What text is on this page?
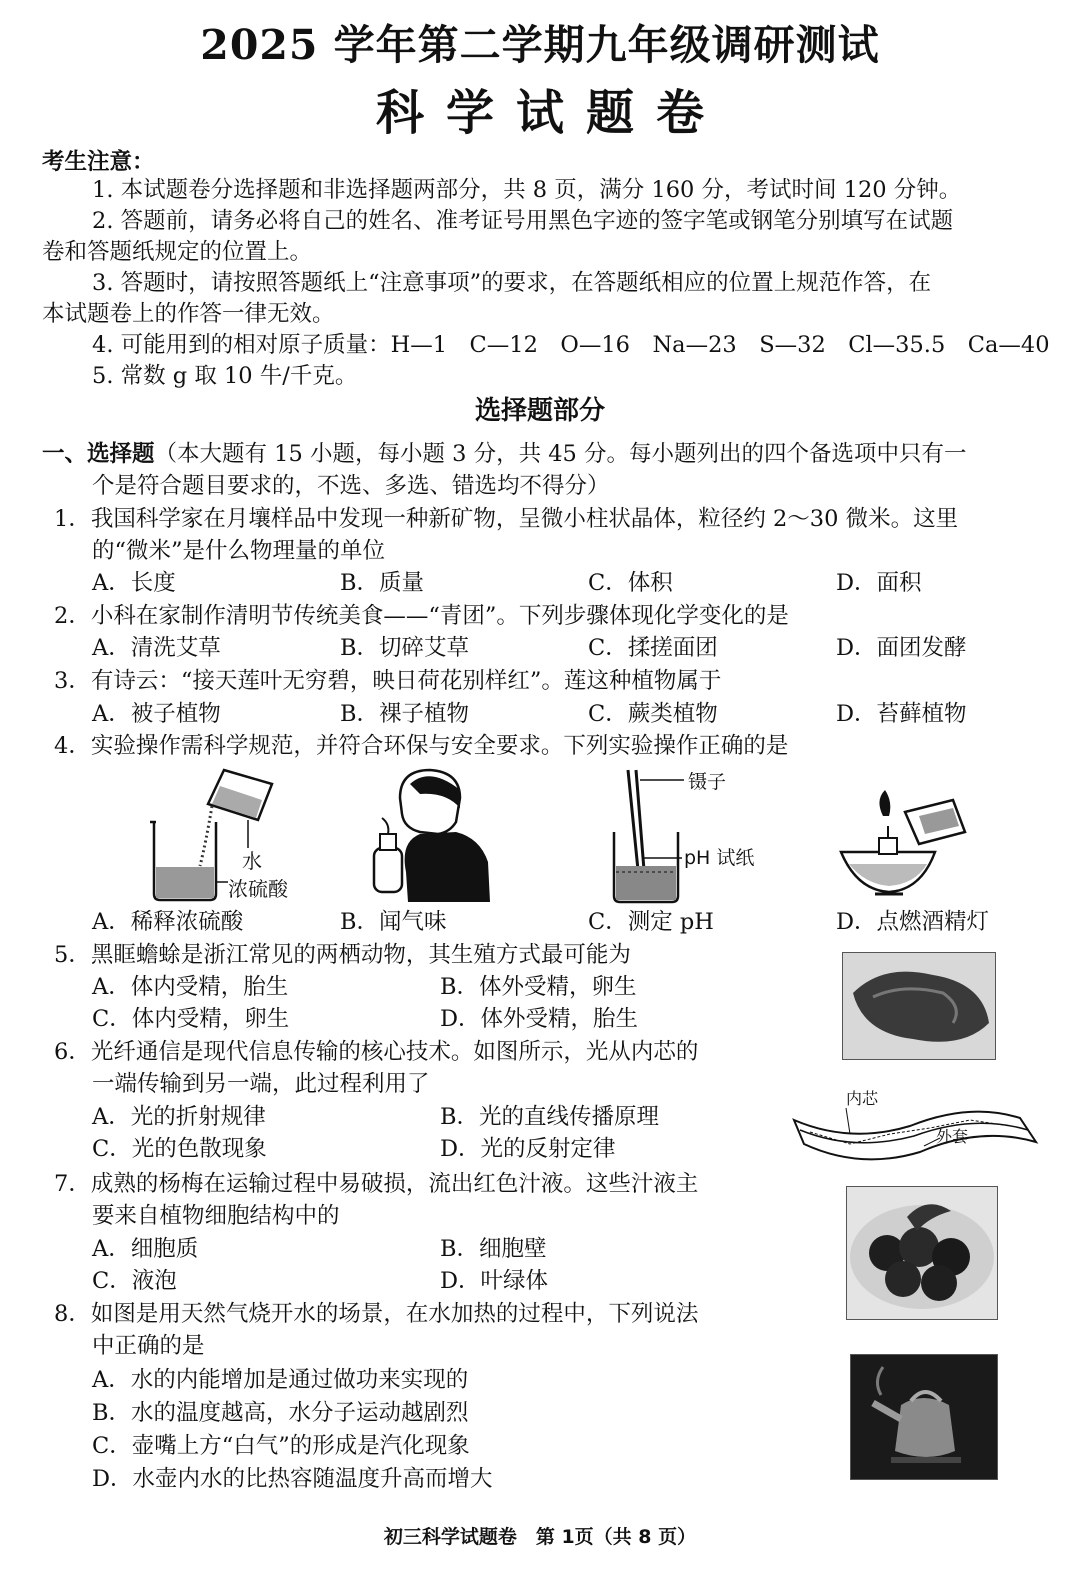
2025 学年第二学期九年级调研测试
科学试题卷
考生注意：
1. 本试题卷分选择题和非选择题两部分，共 8 页，满分 160 分，考试时间 120 分钟。
2. 答题前，请务必将自己的姓名、准考证号用黑色字迹的签字笔或钢笔分别填写在试题
卷和答题纸规定的位置上。
3. 答题时，请按照答题纸上“注意事项”的要求，在答题纸相应的位置上规范作答，在
本试题卷上的作答一律无效。
4. 可能用到的相对原子质量：H—1　C—12　O—16　Na—23　S—32　Cl—35.5　Ca—40
5. 常数 g 取 10 牛/千克。
选择题部分
一、选择题（本大题有 15 小题，每小题 3 分，共 45 分。每小题列出的四个备选项中只有一
个是符合题目要求的，不选、多选、错选均不得分）
1．我国科学家在月壤样品中发现一种新矿物，呈微小柱状晶体，粒径约 2～30 微米。这里
的“微米”是什么物理量的单位
A．长度	B．质量	C．体积	D．面积
2．小科在家制作清明节传统美食——“青团”。下列步骤体现化学变化的是
A．清洗艾草	B．切碎艾草	C．揉搓面团	D．面团发酵
3．有诗云：“接天莲叶无穷碧，映日荷花别样红”。莲这种植物属于
A．被子植物	B．裸子植物	C．蕨类植物	D．苔藓植物
4．实验操作需科学规范，并符合环保与安全要求。下列实验操作正确的是
水
浓硫酸
镊子
pH 试纸
A．稀释浓硫酸	B．闻气味	C．测定 pH	D．点燃酒精灯
5．黑眶蟾蜍是浙江常见的两栖动物，其生殖方式最可能为
A．体内受精，胎生	B．体外受精，卵生
C．体内受精，卵生	D．体外受精，胎生
6．光纤通信是现代信息传输的核心技术。如图所示，光从内芯的
一端传输到另一端，此过程利用了
A．光的折射规律	B．光的直线传播原理
C．光的色散现象	D．光的反射定律
内芯
外套
7．成熟的杨梅在运输过程中易破损，流出红色汁液。这些汁液主
要来自植物细胞结构中的
A．细胞质	B．细胞壁
C．液泡	D．叶绿体
8．如图是用天然气烧开水的场景，在水加热的过程中，下列说法
中正确的是
A．水的内能增加是通过做功来实现的
B．水的温度越高，水分子运动越剧烈
C．壶嘴上方“白气”的形成是汽化现象
D．水壶内水的比热容随温度升高而增大
初三科学试题卷　第 1页（共 8 页）
